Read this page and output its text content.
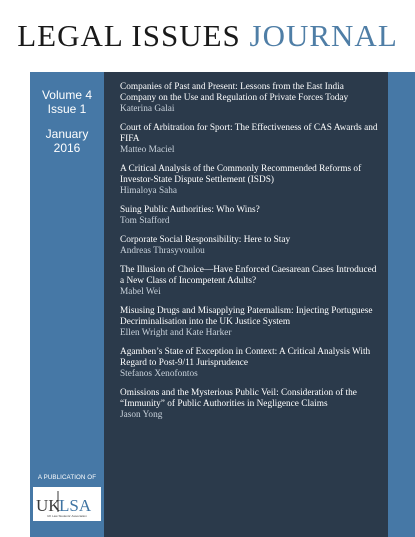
LEGAL ISSUES JOURNAL
Volume 4
Issue 1
January
2016
Companies of Past and Present: Lessons from the East India Company on the Use and Regulation of Private Forces Today
Katerina Galai
Court of Arbitration for Sport: The Effectiveness of CAS Awards and FIFA
Matteo Maciel
A Critical Analysis of the Commonly Recommended Reforms of Investor-State Dispute Settlement (ISDS)
Himaloya Saha
Suing Public Authorities: Who Wins?
Tom Stafford
Corporate Social Responsibility: Here to Stay
Andreas Thrasyvoulou
The Illusion of Choice—Have Enforced Caesarean Cases Introduced a New Class of Incompetent Adults?
Mabel Wei
Misusing Drugs and Misapplying Paternalism: Injecting Portuguese Decriminalisation into the UK Justice System
Ellen Wright and Kate Harker
Agamben’s State of Exception in Context: A Critical Analysis With Regard to Post-9/11 Jurisprudence
Stefanos Xenofontos
Omissions and the Mysterious Public Veil: Consideration of the “Immunity” of Public Authorities in Negligence Claims
Jason Yong
A PUBLICATION OF
UK
LSA
UK Law Students' Association
